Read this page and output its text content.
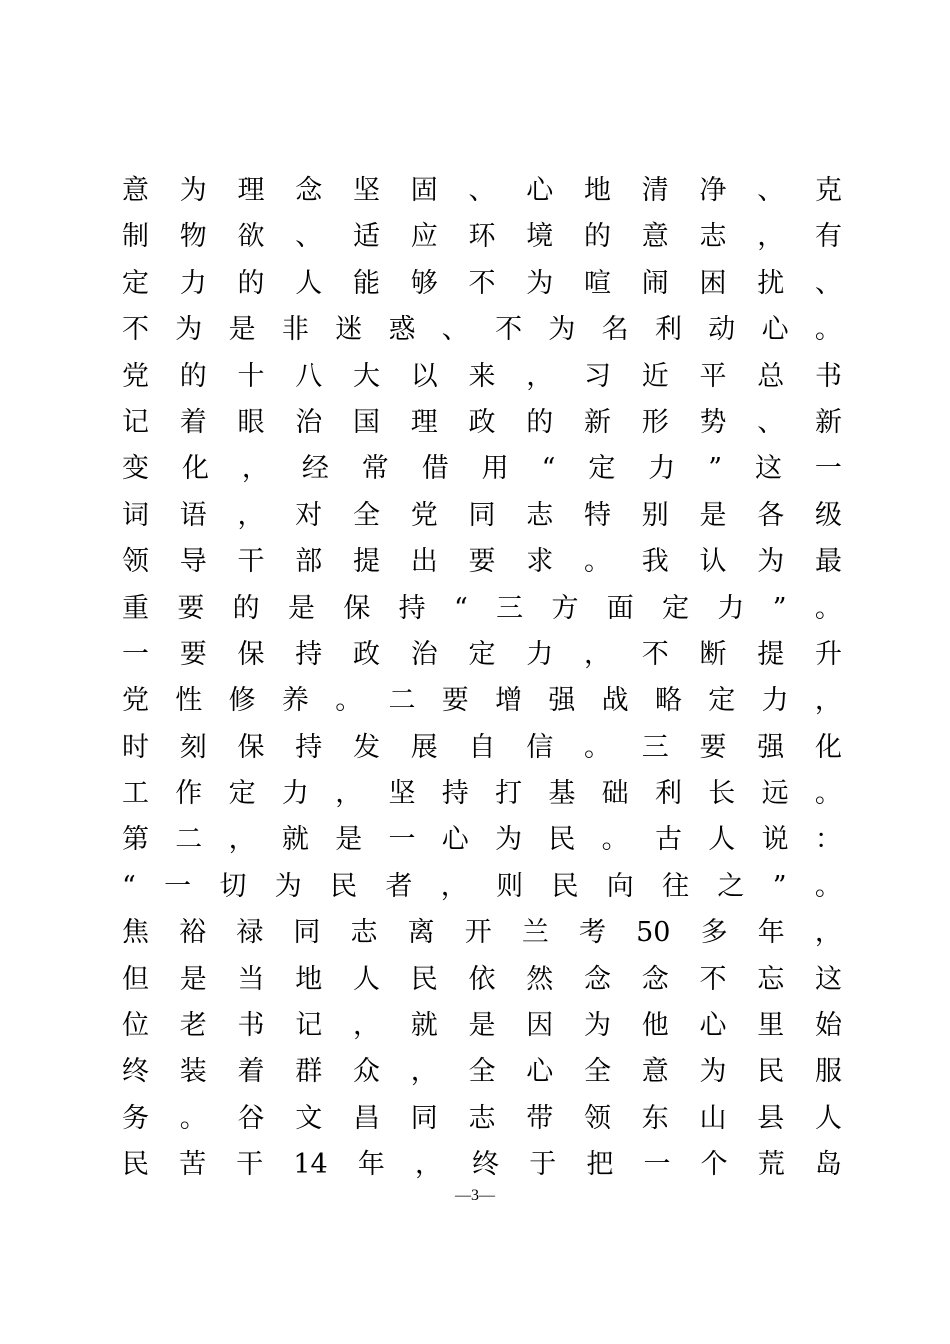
意 为 理 念 坚 固 、 心 地 清 净 、 克
制 物 欲 、 适 应 环 境 的 意 志 ， 有
定 力 的 人 能 够 不 为 喧 闹 困 扰 、
不 为 是 非 迷 惑 、 不 为 名 利 动 心 。
党 的 十 八 大 以 来 ， 习 近 平 总 书
记 着 眼 治 国 理 政 的 新 形 势 、 新
变 化 ， 经 常 借 用 “ 定 力 ” 这 一
词 语 ， 对 全 党 同 志 特 别 是 各 级
领 导 干 部 提 出 要 求 。 我 认 为 最
重 要 的 是 保 持 “ 三 方 面 定 力 ” 。
一 要 保 持 政 治 定 力 ， 不 断 提 升
党 性 修 养 。 二 要 增 强 战 略 定 力 ，
时 刻 保 持 发 展 自 信 。 三 要 强 化
工 作 定 力 ， 坚 持 打 基 础 利 长 远 。
第 二 ， 就 是 一 心 为 民 。 古 人 说 ：
“ 一 切 为 民 者 ， 则 民 向 往 之 ” 。
焦 裕 禄 同 志 离 开 兰 考 50 多 年 ，
但 是 当 地 人 民 依 然 念 念 不 忘 这
位 老 书 记 ， 就 是 因 为 他 心 里 始
终 装 着 群 众 ， 全 心 全 意 为 民 服
务 。 谷 文 昌 同 志 带 领 东 山 县 人
民 苦 干 14 年 ， 终 于 把 一 个 荒 岛
—3—
